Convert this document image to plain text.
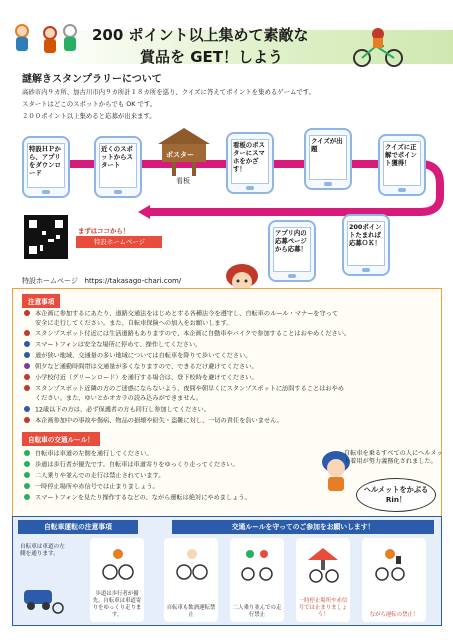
200 ポイント以上集めて素敵な
賞品を GET！しよう
謎解きスタンプラリーについて
高砂市内９カ所、加古川市内９カ所計１８カ所を巡り、クイズに答えてポイントを集めるゲームです。
スタートはどこのスポットからでも OK です。
２００ポイント以上集めると応募が出来ます。
特設ＨＰから、アプリをダウンロード
近くのスポットからスタート
ポスター
看板
看板のポスターにスマホをかざす！
クイズが出題	クイズに正解でポイント獲得！
200ポイントたまれば応募ＯＫ！
アプリ内の応募ページから応募！
まずはココから！
特設ホームページ
特設ホームページ https://takasago-chari.com/
注意事項
本企画に参加するにあたり、道路交通法をはじめとする各種法令を遵守し、自転車のルール・マナーを守って
安全に走行してください。また、自転車保険への加入をお願いします。
スタンプスポット付近には生活道路もありますので、本企画に自動車やバイクで参加することはおやめください。
スマートフォンは安全な場所に停めて、操作してください。
道が狭い地域、交通量の多い地域については自転車を降りて歩いてください。
朝夕など通勤時間帯は交通量が多くなりますので、できるだけ避けてください。
小学校付近（グリーンロード）を通行する場合は、登下校時を避けてください。
スタンプスポット近隣の方のご迷惑にならないよう、夜間や朝早くにスタンプスポットに訪問することはおやめ
ください。また、ゆいとかオカラの読み込みができません。
12歳以下の方は、必ず保護者の方も同行し参加してください。
本企画参加中の事故や傷病、物品の損壊や紛失・盗難に対し、一切の責任を負いません。
自転車の交通ルール！
自転車は車道の左側を通行してください。
歩道は歩行者が優先です。自転車は車道寄りをゆっくり走ってください。
二人乗りや並んでの走行は禁止されています。
一時停止場所や赤信号では止まりましょう。
スマートフォンを見たり操作するなどの、ながら運転は絶対にやめましょう。
自転車を乗るすべての人にヘルメット着用が努力義務化されました。
ヘルメットをかぶる Rin！
自転車運転の注意事項	交通ルールを守ってのご参加をお願いします！
自転車は車道の左側を通ります。
歩道は歩行者が優先。自転車は車道寄りをゆっくり走ります。
自転車も飲酒運転禁止
二人乗り並んでの走行禁止
一時停止場所や赤信号では止まりましょう！	ながら運転の禁止！
